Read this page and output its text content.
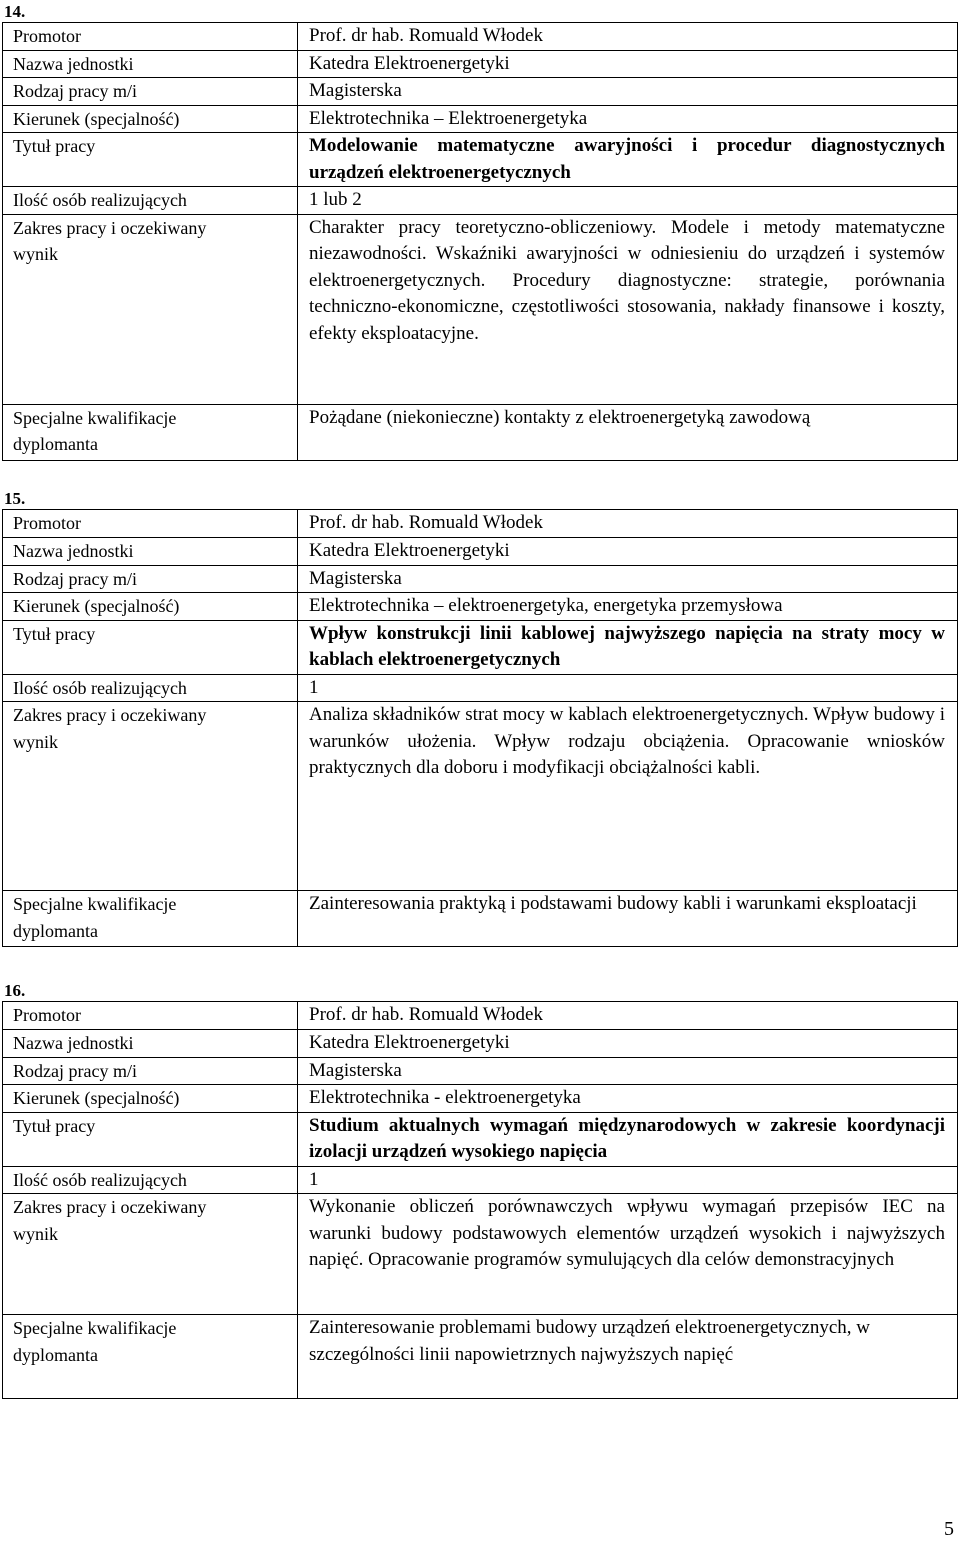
14.
Promotor	Prof. dr hab. Romuald Włodek
Nazwa jednostki	Katedra Elektroenergetyki
Rodzaj pracy m/i	Magisterska
Kierunek (specjalność)	Elektrotechnika – Elektroenergetyka
Tytuł pracy	Modelowanie matematyczne awaryjności i procedur diagnostycznych urządzeń elektroenergetycznych
Ilość osób realizujących	1 lub 2
Zakres pracy i oczekiwany
wynik	Charakter pracy teoretyczno-obliczeniowy. Modele i metody matematyczne niezawodności. Wskaźniki awaryjności w odniesieniu do urządzeń i systemów elektroenergetycznych. Procedury diagnostyczne: strategie, porównania techniczno-ekonomiczne, częstotliwości stosowania, nakłady finansowe i koszty, efekty eksploatacyjne.
Specjalne kwalifikacje
dyplomanta	Pożądane (niekonieczne) kontakty z elektroenergetyką zawodową
15.
Promotor	Prof. dr hab. Romuald Włodek
Nazwa jednostki	Katedra Elektroenergetyki
Rodzaj pracy m/i	Magisterska
Kierunek (specjalność)	Elektrotechnika – elektroenergetyka, energetyka przemysłowa
Tytuł pracy	Wpływ konstrukcji linii kablowej najwyższego napięcia na straty mocy w kablach elektroenergetycznych
Ilość osób realizujących	1
Zakres pracy i oczekiwany
wynik	Analiza składników strat mocy w kablach elektroenergetycznych. Wpływ budowy i warunków ułożenia. Wpływ rodzaju obciążenia. Opracowanie wniosków praktycznych dla doboru i modyfikacji obciążalności kabli.
Specjalne kwalifikacje
dyplomanta	Zainteresowania praktyką i podstawami budowy kabli i warunkami eksploatacji
16.
Promotor	Prof. dr hab. Romuald Włodek
Nazwa jednostki	Katedra Elektroenergetyki
Rodzaj pracy m/i	Magisterska
Kierunek (specjalność)	Elektrotechnika - elektroenergetyka
Tytuł pracy	Studium aktualnych wymagań międzynarodowych w zakresie koordynacji izolacji urządzeń wysokiego napięcia
Ilość osób realizujących	1
Zakres pracy i oczekiwany
wynik	Wykonanie obliczeń porównawczych wpływu wymagań przepisów IEC na warunki budowy podstawowych elementów urządzeń wysokich i najwyższych napięć. Opracowanie programów symulujących dla celów demonstracyjnych
Specjalne kwalifikacje
dyplomanta	Zainteresowanie problemami budowy urządzeń elektroenergetycznych, w szczególności linii napowietrznych najwyższych napięć
5
